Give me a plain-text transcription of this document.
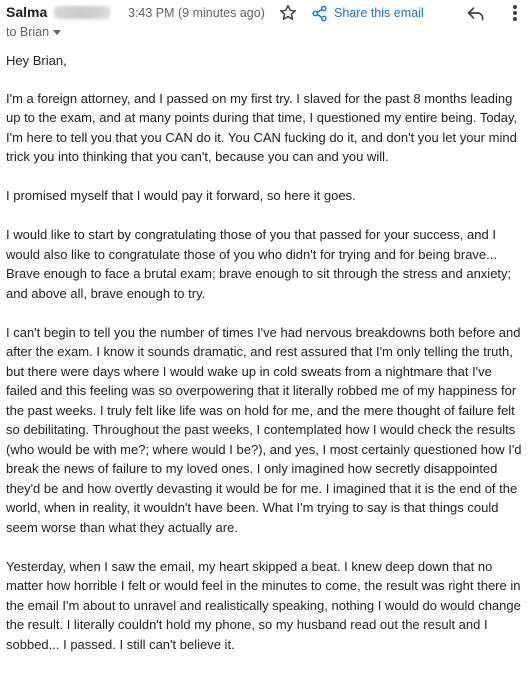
Salma	3:43 PM (9 minutes ago)	Share this email
to Brian

Hey Brian,

I'm a foreign attorney, and I passed on my first try. I slaved for the past 8 months leading up to the exam, and at many points during that time, I questioned my entire being. Today, I'm here to tell you that you CAN do it. You CAN fucking do it, and don't you let your mind trick you into thinking that you can't, because you can and you will.

I promised myself that I would pay it forward, so here it goes.

I would like to start by congratulating those of you that passed for your success, and I would also like to congratulate those of you who didn't for trying and for being brave... Brave enough to face a brutal exam; brave enough to sit through the stress and anxiety; and above all, brave enough to try.

I can't begin to tell you the number of times I've had nervous breakdowns both before and after the exam. I know it sounds dramatic, and rest assured that I'm only telling the truth, but there were days where I would wake up in cold sweats from a nightmare that I've failed and this feeling was so overpowering that it literally robbed me of my happiness for the past weeks. I truly felt like life was on hold for me, and the mere thought of failure felt so debilitating. Throughout the past weeks, I contemplated how I would check the results (who would be with me?; where would I be?), and yes, I most certainly questioned how I'd break the news of failure to my loved ones. I only imagined how secretly disappointed they'd be and how overtly devasting it would be for me. I imagined that it is the end of the world, when in reality, it wouldn't have been. What I'm trying to say is that things could seem worse than what they actually are.

Yesterday, when I saw the email, my heart skipped a beat. I knew deep down that no matter how horrible I felt or would feel in the minutes to come, the result was right there in the email I'm about to unravel and realistically speaking, nothing I would do would change the result. I literally couldn't hold my phone, so my husband read out the result and I sobbed... I passed. I still can't believe it.
